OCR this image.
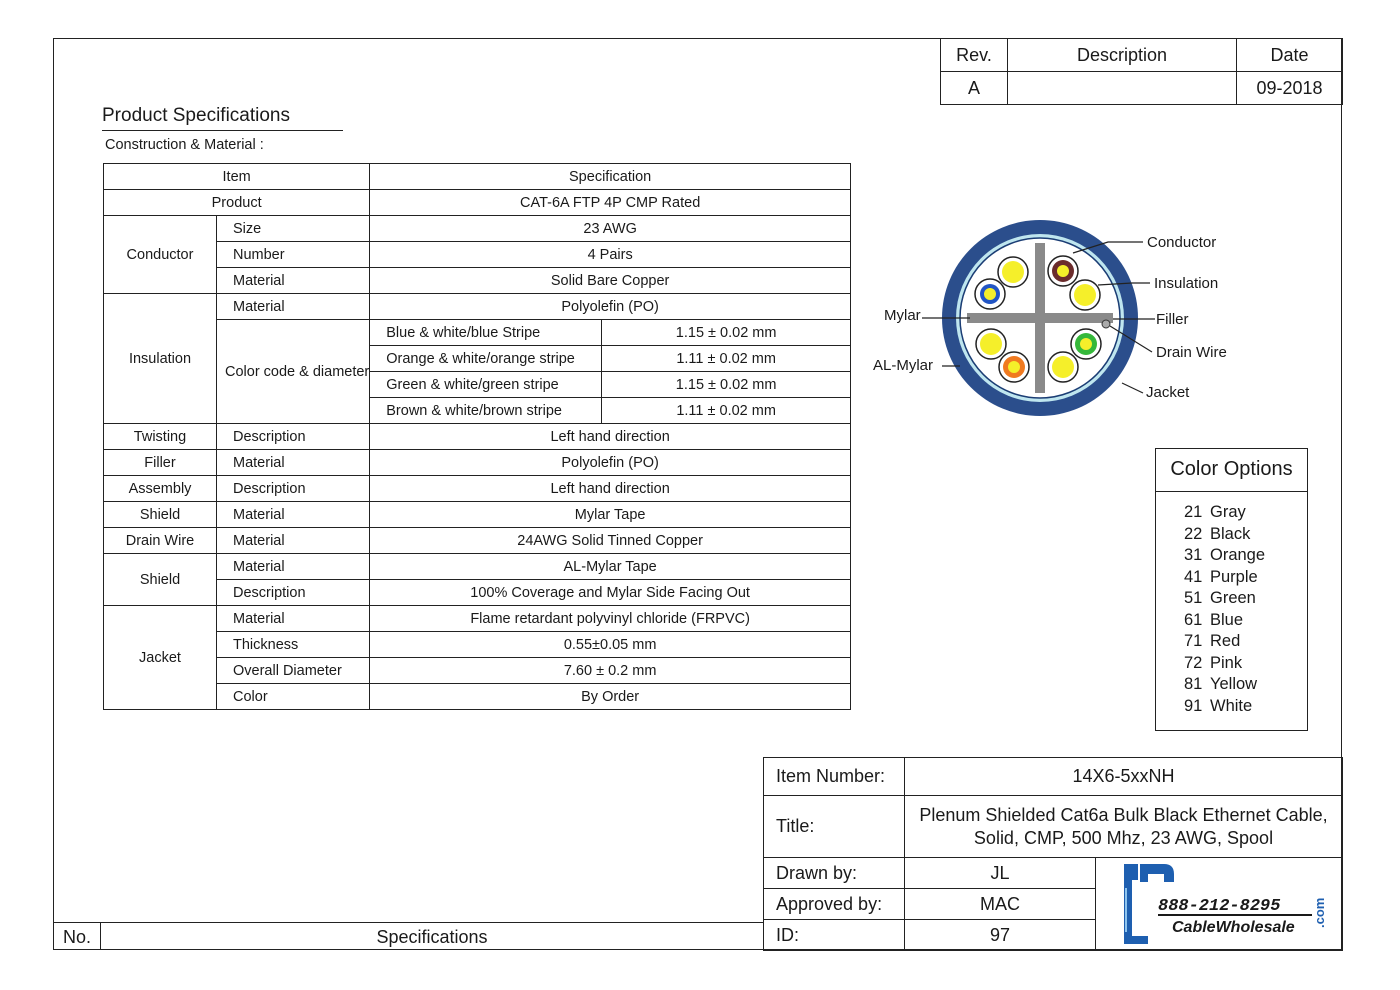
Rev.	Description	Date
A		09-2018
Product Specifications
Construction & Material :
Item		Specification	
Product		CAT-6A FTP 4P CMP Rated	
Conductor	Size	23 AWG	
	Number	4 Pairs	
	Material	Solid Bare Copper	
Insulation	Material	Polyolefin (PO)	
	Color code & diameter	Blue & white/blue Stripe	1.15 ± 0.02 mm
		Orange & white/orange stripe	1.11 ± 0.02 mm
		Green & white/green stripe	1.15 ± 0.02 mm
		Brown & white/brown stripe	1.11 ± 0.02 mm
Twisting	Description	Left hand direction	
Filler	Material	Polyolefin (PO)	
Assembly	Description	Left hand direction	
Shield	Material	Mylar Tape	
Drain Wire	Material	24AWG Solid Tinned Copper	
Shield	Material	AL-Mylar Tape	
	Description	100% Coverage and Mylar Side Facing Out	
Jacket	Material	Flame retardant polyvinyl chloride (FRPVC)	
	Thickness	0.55±0.05 mm	
	Overall Diameter	7.60 ± 0.2 mm	
	Color	By Order	
Conductor
Insulation
Filler
Drain Wire
Jacket
Mylar
AL-Mylar
Color Options
21 Gray
22 Black
31 Orange
41 Purple
51 Green
61 Blue
71 Red
72 Pink
81 Yellow
91 White
Item Number:	14X6-5xxNH	
Title:	Plenum Shielded Cat6a Bulk Black Ethernet Cable,
Solid, CMP, 500 Mhz, 23 AWG, Spool	

Drawn by:	JL	888-212-8295
CableWholesale .com

Approved by:	MAC	
ID:	97	
No.	Specifications
